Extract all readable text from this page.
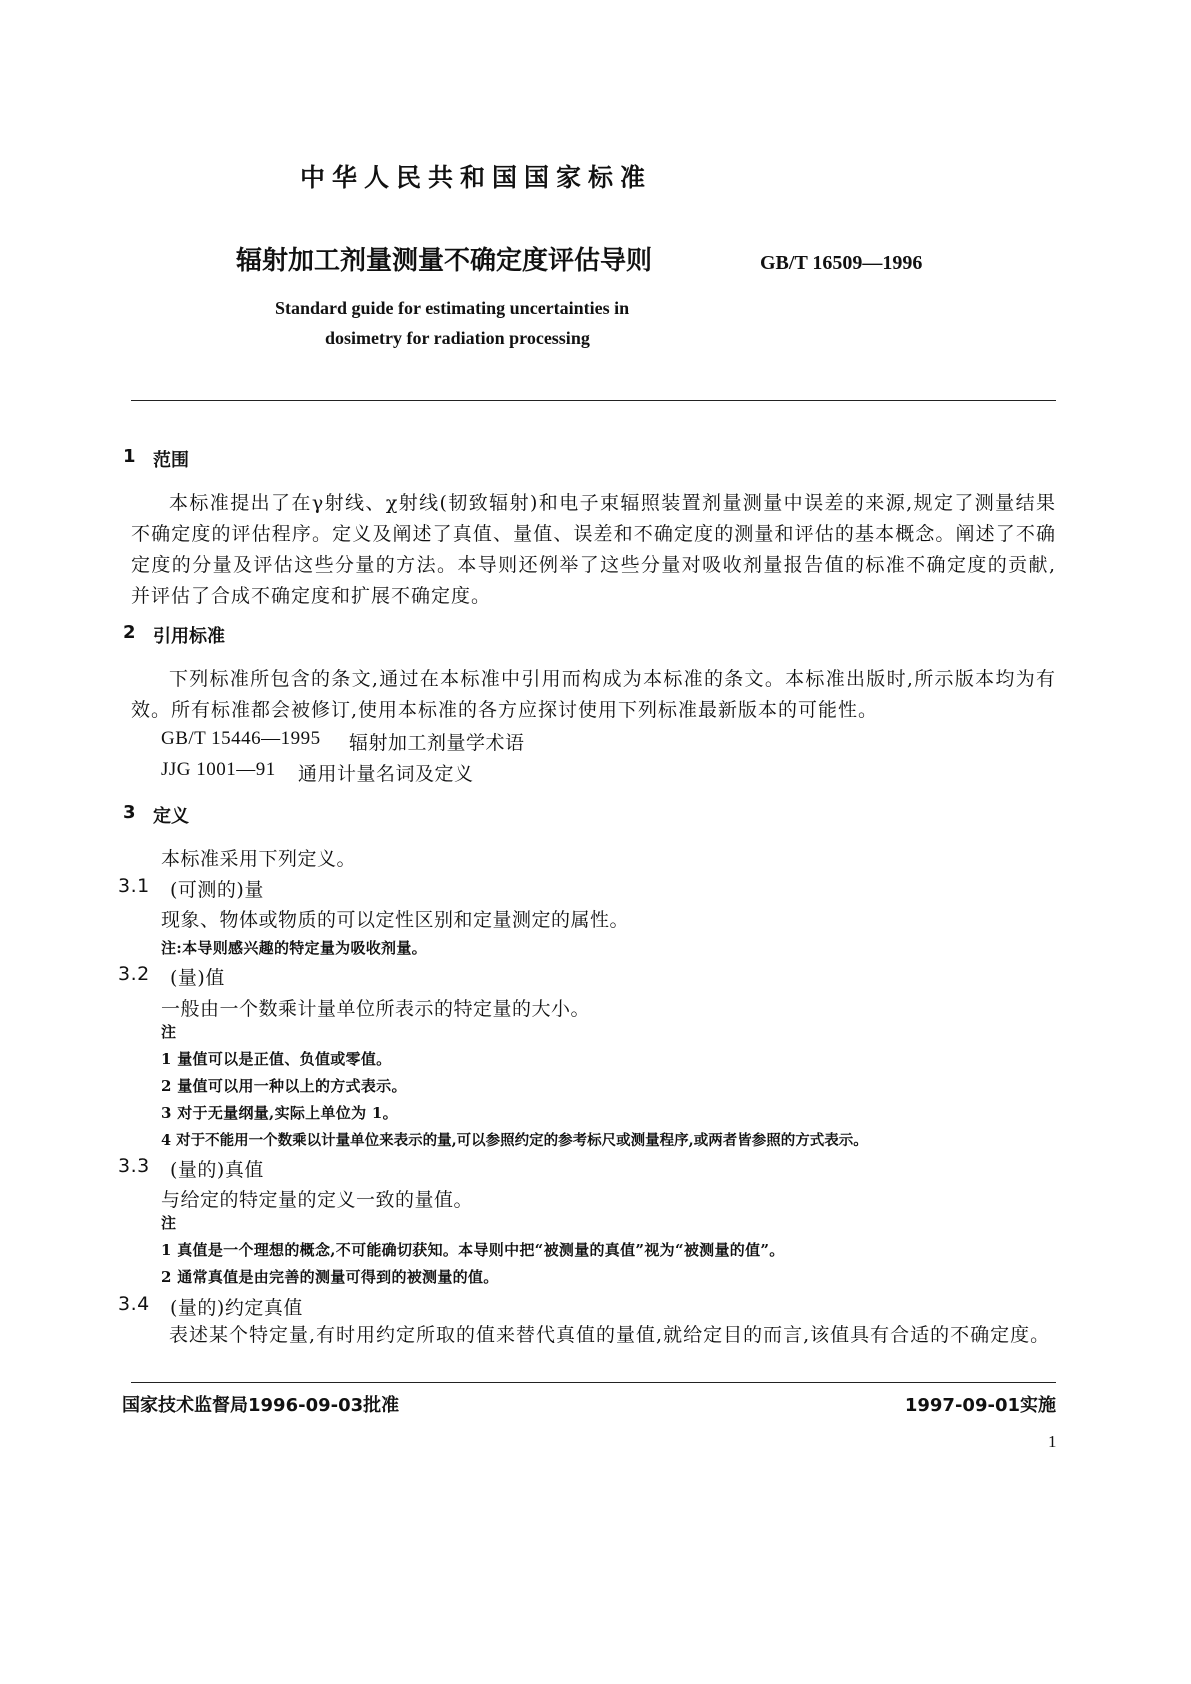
中华人民共和国国家标准
辐射加工剂量测量不确定度评估导则	GB/T 16509—1996
Standard guide for estimating uncertainties in
dosimetry for radiation processing
1 范围

本标准提出了在γ射线、χ射线(韧致辐射)和电子束辐照装置剂量测量中误差的来源,规定了测量结果不确定度的评估程序。定义及阐述了真值、量值、误差和不确定度的测量和评估的基本概念。阐述了不确定度的分量及评估这些分量的方法。本导则还例举了这些分量对吸收剂量报告值的标准不确定度的贡献,并评估了合成不确定度和扩展不确定度。

2 引用标准

下列标准所包含的条文,通过在本标准中引用而构成为本标准的条文。本标准出版时,所示版本均为有效。所有标准都会被修订,使用本标准的各方应探讨使用下列标准最新版本的可能性。

GB/T 15446—1995 辐射加工剂量学术语
JJG 1001—91 通用计量名词及定义
3 定义
本标准采用下列定义。
3.1 (可测的)量
现象、物体或物质的可以定性区别和定量测定的属性。
注:本导则感兴趣的特定量为吸收剂量。
3.2 (量)值
一般由一个数乘计量单位所表示的特定量的大小。
注
1 量值可以是正值、负值或零值。
2 量值可以用一种以上的方式表示。
3 对于无量纲量,实际上单位为 1。
4 对于不能用一个数乘以计量单位来表示的量,可以参照约定的参考标尺或测量程序,或两者皆参照的方式表示。
3.3 (量的)真值
与给定的特定量的定义一致的量值。
注
1 真值是一个理想的概念,不可能确切获知。本导则中把“被测量的真值”视为“被测量的值”。
2 通常真值是由完善的测量可得到的被测量的值。
3.4 (量的)约定真值

表述某个特定量,有时用约定所取的值来替代真值的量值,就给定目的而言,该值具有合适的不确定度。

国家技术监督局1996-09-03批准	1997-09-01实施
1
